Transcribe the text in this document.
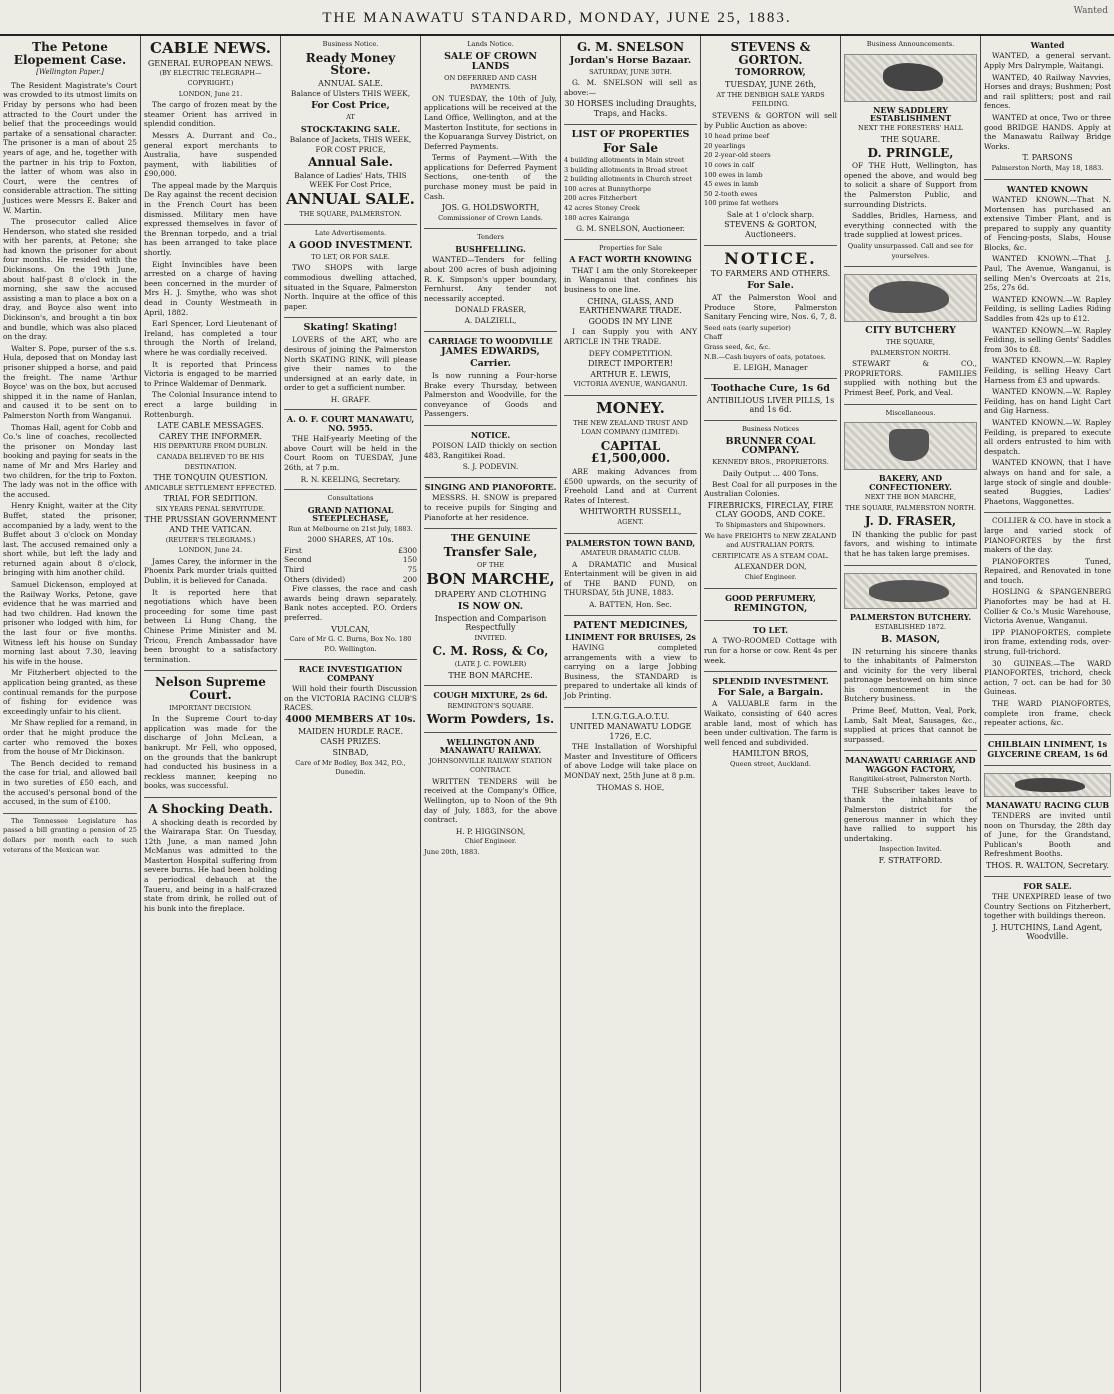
THE MANAWATU STANDARD, MONDAY, JUNE 25, 1883.	Wanted
The Petone Elopement Case.
[Wellington Paper.]

The Resident Magistrate's Court was crowded to its utmost limits on Friday by persons who had been attracted to the Court under the belief that the proceedings would partake of a sensational character. The prisoner is a man of about 25 years of age, and he, together with the partner in his trip to Foxton, the latter of whom was also in Court, were the centres of considerable attraction. The sitting Justices were Messrs E. Baker and W. Martin.

The prosecutor called Alice Henderson, who stated she resided with her parents, at Petone; she had known the prisoner for about four months. He resided with the Dickinsons. On the 19th June, about half-past 8 o'clock in the morning, she saw the accused assisting a man to place a box on a dray, and Boyce also went into Dickinson's, and brought a tin box and bundle, which was also placed on the dray.

Walter S. Pope, purser of the s.s. Hula, deposed that on Monday last prisoner shipped a horse, and paid the freight. The name 'Arthur Boyce' was on the box, but accused shipped it in the name of Hanlan, and caused it to be sent on to Palmerston North from Wanganui.

Thomas Hall, agent for Cobb and Co.'s line of coaches, recollected the prisoner on Monday last booking and paying for seats in the name of Mr and Mrs Harley and two children, for the trip to Foxton. The lady was not in the office with the accused.

Henry Knight, waiter at the City Buffet, stated the prisoner, accompanied by a lady, went to the Buffet about 3 o'clock on Monday last. The accused remained only a short while, but left the lady and returned again about 8 o'clock, bringing with him another child.

Samuel Dickenson, employed at the Railway Works, Petone, gave evidence that he was married and had two children. Had known the prisoner who lodged with him, for the last four or five months. Witness left his house on Sunday morning last about 7.30, leaving his wife in the house.

Mr Fitzherbert objected to the application being granted, as these continual remands for the purpose of fishing for evidence was exceedingly unfair to his client.

Mr Shaw replied for a remand, in order that he might produce the carter who removed the boxes from the house of Mr Dickinson.

The Bench decided to remand the case for trial, and allowed bail in two sureties of £50 each, and the accused's personal bond of the accused, in the sum of £100.

The Tennessee Legislature has passed a bill granting a pension of 25 dollars per month each to such veterans of the Mexican war.

CABLE NEWS.
GENERAL EUROPEAN NEWS.
(BY ELECTRIC TELEGRAPH—COPYRIGHT.)
LONDON, June 21.

The cargo of frozen meat by the steamer Orient has arrived in splendid condition.

Messrs A. Durrant and Co., general export merchants to Australia, have suspended payment, with liabilities of £90,000.

The appeal made by the Marquis De Ray against the recent decision in the French Court has been dismissed. Military men have expressed themselves in favor of the Brennan torpedo, and a trial has been arranged to take place shortly.

Eight Invincibles have been arrested on a charge of having been concerned in the murder of Mrs H. J. Smythe, who was shot dead in County Westmeath in April, 1882.

Earl Spencer, Lord Lieutenant of Ireland, has completed a tour through the North of Ireland, where he was cordially received.

It is reported that Princess Victoria is engaged to be married to Prince Waldemar of Denmark.

The Colonial Insurance intend to erect a large building in Rottenburgh.

LATE CABLE MESSAGES.
CAREY THE INFORMER.
HIS DEPARTURE FROM DUBLIN.
CANADA BELIEVED TO BE HIS DESTINATION.
THE TONQUIN QUESTION.
AMICABLE SETTLEMENT EFFECTED.
TRIAL FOR SEDITION.
SIX YEARS PENAL SERVITUDE.
THE PRUSSIAN GOVERNMENT AND THE VATICAN.
(REUTER'S TELEGRAMS.)
LONDON, June 24.

James Carey, the informer in the Phoenix Park murder trials quitted Dublin, it is believed for Canada.

It is reported here that negotiations which have been proceeding for some time past between Li Hung Chang, the Chinese Prime Minister and M. Tricou, French Ambassador have been brought to a satisfactory termination.

Nelson Supreme Court.
IMPORTANT DECISION.

In the Supreme Court to-day application was made for the discharge of John McLean, a bankrupt. Mr Fell, who opposed, on the grounds that the bankrupt had conducted his business in a reckless manner, keeping no books, was successful.

A Shocking Death.

A shocking death is recorded by the Wairarapa Star. On Tuesday, 12th June, a man named John McManus was admitted to the Masterton Hospital suffering from severe burns. He had been holding a periodical debauch at the Taueru, and being in a half-crazed state from drink, he rolled out of his bunk into the fireplace.

Business Notice.
Ready Money Store.
ANNUAL SALE.
Balance of Ulsters THIS WEEK,
For Cost Price,
AT
STOCK-TAKING SALE.
Balance of Jackets, THIS WEEK, FOR COST PRICE,
Annual Sale.
Balance of Ladies' Hats, THIS WEEK For Cost Price,
ANNUAL SALE.
THE SQUARE, PALMERSTON.
Late Advertisements.
A GOOD INVESTMENT.
TO LET, OR FOR SALE.

TWO SHOPS with large commodious dwelling attached, situated in the Square, Palmerston North. Inquire at the office of this paper.

Skating! Skating!

LOVERS of the ART, who are desirous of joining the Palmerston North SKATING RINK, will please give their names to the undersigned at an early date, in order to get a sufficient number.

H. GRAFF.
A. O. F. COURT MANAWATU, NO. 5955.

THE Half-yearly Meeting of the above Court will be held in the Court Room on TUESDAY, June 26th, at 7 p.m.

R. N. KEELING, Secretary.
Consultations
GRAND NATIONAL STEEPLECHASE,
Run at Melbourne on 21st July, 1883.
2000 SHARES, AT 10s.
First	£300
Second	150
Third	75
Others (divided)	200

Five classes, the race and cash awards being drawn separately. Bank notes accepted. P.O. Orders preferred.

VULCAN,
Care of Mr G. C. Burns, Box No. 180 P.O. Wellington.
RACE INVESTIGATION COMPANY

Will hold their fourth Discussion on the VICTORIA RACING CLUB'S RACES.

4000 MEMBERS AT 10s.
MAIDEN HURDLE RACE.
CASH PRIZES.
SINBAD,
Care of Mr Bodley, Box 342, P.O., Dunedin.
Lands Notice.
SALE OF CROWN LANDS
ON DEFERRED AND CASH PAYMENTS.

ON TUESDAY, the 10th of July, applications will be received at the Land Office, Wellington, and at the Masterton Institute, for sections in the Kopuaranga Survey District, on Deferred Payments.

Terms of Payment.—With the applications for Deferred Payment Sections, one-tenth of the purchase money must be paid in Cash.

JOS. G. HOLDSWORTH,
Commissioner of Crown Lands.
Tenders
BUSHFELLING.

WANTED—Tenders for felling about 200 acres of bush adjoining R. K. Simpson's upper boundary, Fernhurst. Any tender not necessarily accepted.

DONALD FRASER,
A. DALZIELL,
CARRIAGE TO WOODVILLE
JAMES EDWARDS,
Carrier.

Is now running a Four-horse Brake every Thursday, between Palmerston and Woodville, for the conveyance of Goods and Passengers.

NOTICE.

POISON LAID thickly on section 483, Rangitikei Road.

S. J. PODEVIN.
SINGING AND PIANOFORTE.

MESSRS. H. SNOW is prepared to receive pupils for Singing and Pianoforte at her residence.

THE GENUINE
Transfer Sale,
OF THE
BON MARCHE,
DRAPERY AND CLOTHING
IS NOW ON.
Inspection and Comparison Respectfully
INVITED.
C. M. Ross, & Co,
(LATE J. C. FOWLER)
THE BON MARCHE.
COUGH MIXTURE, 2s 6d.
REMINGTON'S SQUARE.
Worm Powders, 1s.
WELLINGTON AND MANAWATU RAILWAY.
JOHNSONVILLE RAILWAY STATION CONTRACT.

WRITTEN TENDERS will be received at the Company's Office, Wellington, up to Noon of the 9th day of July, 1883, for the above contract.

H. P. HIGGINSON,
Chief Engineer.
June 20th, 1883.
G. M. SNELSON
Jordan's Horse Bazaar.
SATURDAY, JUNE 30TH.

G. M. SNELSON will sell as above:—

30 HORSES including Draughts, Traps, and Hacks.
LIST OF PROPERTIES
For Sale
4 building allotments in Main street
3 building allotments in Broad street
2 building allotments in Church street
100 acres at Bunnythorpe
200 acres Fitzherbert
42 acres Stoney Creek
180 acres Kairanga
G. M. SNELSON, Auctioneer.
Properties for Sale
A FACT WORTH KNOWING

THAT I am the only Storekeeper in Wanganui that confines his business to one line.

CHINA, GLASS, AND EARTHENWARE TRADE.
GOODS IN MY LINE

I can Supply you with ANY ARTICLE IN THE TRADE.

DEFY COMPETITION.
DIRECT IMPORTER!
ARTHUR E. LEWIS,
VICTORIA AVENUE, WANGANUI.
MONEY.
THE NEW ZEALAND TRUST AND LOAN COMPANY (LIMITED).
CAPITAL £1,500,000.

ARE making Advances from £500 upwards, on the security of Freehold Land and at Current Rates of Interest.

WHITWORTH RUSSELL,
AGENT.
PALMERSTON TOWN BAND,
AMATEUR DRAMATIC CLUB.

A DRAMATIC and Musical Entertainment will be given in aid of THE BAND FUND, on THURSDAY, 5th JUNE, 1883.

A. BATTEN, Hon. Sec.
PATENT MEDICINES,
LINIMENT FOR BRUISES, 2s

HAVING completed arrangements with a view to carrying on a large Jobbing Business, the STANDARD is prepared to undertake all kinds of Job Printing.

I.T.N.G.T.G.A.O.T.U.
UNITED MANAWATU LODGE 1726, E.C.

THE Installation of Worshipful Master and Investiture of Officers of above Lodge will take place on MONDAY next, 25th June at 8 p.m.

THOMAS S. HOE,
STEVENS & GORTON.
TOMORROW,
TUESDAY, JUNE 26th,
AT THE DENBIGH SALE YARDS FEILDING.

STEVENS & GORTON will sell by Public Auction as above:

10 head prime beef
20 yearlings
20 2-year-old steers
10 cows in calf
100 ewes in lamb
45 ewes in lamb
50 2-tooth ewes
100 prime fat wethers
Sale at 1 o'clock sharp.
STEVENS & GORTON, Auctioneers.
NOTICE.
TO FARMERS AND OTHERS.
For Sale.

AT the Palmerston Wool and Produce Store, Palmerston Sanitary Fencing wire, Nos. 6, 7, 8.

Seed oats (early superior)
Chaff
Grass seed, &c, &c.
N.B.—Cash buyers of oats, potatoes.
E. LEIGH, Manager
Toothache Cure, 1s 6d
ANTIBILIOUS LIVER PILLS, 1s and 1s 6d.
Business Notices
BRUNNER COAL COMPANY.
KENNEDY BROS., PROPRIETORS.
Daily Output ... 400 Tons.

Best Coal for all purposes in the Australian Colonies.

FIREBRICKS, FIRECLAY, FIRE CLAY GOODS, AND COKE.
To Shipmasters and Shipowners.
We have FREIGHTS to NEW ZEALAND and AUSTRALIAN PORTS.
CERTIFICATE AS A STEAM COAL.
ALEXANDER DON,
Chief Engineer.
GOOD PERFUMERY,
REMINGTON,
TO LET.

A TWO-ROOMED Cottage with run for a horse or cow. Rent 4s per week.

SPLENDID INVESTMENT.
For Sale, a Bargain.

A VALUABLE farm in the Waikato, consisting of 640 acres arable land, most of which has been under cultivation. The farm is well fenced and subdivided.

HAMILTON BROS,
Queen street, Auckland.
Business Announcements.
NEW SADDLERY ESTABLISHMENT
NEXT THE FORESTERS' HALL
THE SQUARE.
D. PRINGLE,

OF THE Hutt, Wellington, has opened the above, and would beg to solicit a share of Support from the Palmerston Public, and surrounding Districts.

Saddles, Bridles, Harness, and everything connected with the trade supplied at lowest prices.

Quality unsurpassed. Call and see for yourselves.
CITY BUTCHERY
THE SQUARE,
PALMERSTON NORTH.

STEWART & CO., PROPRIETORS. FAMILIES supplied with nothing but the Primest Beef, Pork, and Veal.

Miscellaneous.
BAKERY, AND CONFECTIONERY.
NEXT THE BON MARCHE,
THE SQUARE, PALMERSTON NORTH.
J. D. FRASER,

IN thanking the public for past favors, and wishing to intimate that he has taken large premises.

PALMERSTON BUTCHERY.
ESTABLISHED 1872.
B. MASON,

IN returning his sincere thanks to the inhabitants of Palmerston and vicinity for the very liberal patronage bestowed on him since his commencement in the Butchery business.

Prime Beef, Mutton, Veal, Pork, Lamb, Salt Meat, Sausages, &c., supplied at prices that cannot be surpassed.

MANAWATU CARRIAGE AND WAGGON FACTORY,
Rangitikei-street, Palmerston North.

THE Subscriber takes leave to thank the inhabitants of Palmerston district for the generous manner in which they have rallied to support his undertaking.

Inspection Invited.
F. STRATFORD.
Wanted

WANTED, a general servant. Apply Mrs Dalrymple, Waitangi.

WANTED, 40 Railway Navvies, Horses and drays; Bushmen; Post and rail splitters; post and rail fences.

WANTED at once, Two or three good BRIDGE HANDS. Apply at the Manawatu Railway Bridge Works.

T. PARSONS
Palmerston North, May 18, 1883.
WANTED KNOWN

WANTED KNOWN.—That N. Mortensen has purchased an extensive Timber Plant, and is prepared to supply any quantity of Fencing-posts, Slabs, House Blocks, &c.

WANTED KNOWN.—That J. Paul, The Avenue, Wanganui, is selling Men's Overcoats at 21s, 25s, 27s 6d.

WANTED KNOWN.—W. Rapley Feilding, is selling Ladies Riding Saddles from 42s up to £12.

WANTED KNOWN.—W. Rapley Feilding, is selling Gents' Saddles from 30s to £8.

WANTED KNOWN.—W. Rapley Feilding, is selling Heavy Cart Harness from £3 and upwards.

WANTED KNOWN.—W. Rapley Feilding, has on hand Light Cart and Gig Harness.

WANTED KNOWN.—W. Rapley Feilding, is prepared to execute all orders entrusted to him with despatch.

WANTED KNOWN, that I have always on hand and for sale, a large stock of single and double-seated Buggies, Ladies' Phaetons, Waggonettes.

COLLIER & CO. have in stock a large and varied stock of PIANOFORTES by the first makers of the day.

PIANOFORTES Tuned, Repaired, and Renovated in tone and touch.

HOSLING & SPANGENBERG Pianofortes may be had at H. Collier & Co.'s Music Warehouse, Victoria Avenue, Wanganui.

IPP PIANOFORTES, complete iron frame, extending rods, over-strung, full-trichord.

30 GUINEAS.—The WARD PIANOFORTES, trichord, check action, 7 oct. can be had for 30 Guineas.

THE WARD PIANOFORTES, complete iron frame, check repeater actions, &c.

CHILBLAIN LINIMENT, 1s
GLYCERINE CREAM, 1s 6d
MANAWATU RACING CLUB

TENDERS are invited until noon on Thursday, the 28th day of June, for the Grandstand, Publican's Booth and Refreshment Booths.

THOS. R. WALTON, Secretary.
FOR SALE.

THE UNEXPIRED lease of two Country Sections on Fitzherbert, together with buildings thereon.

J. HUTCHINS, Land Agent, Woodville.
